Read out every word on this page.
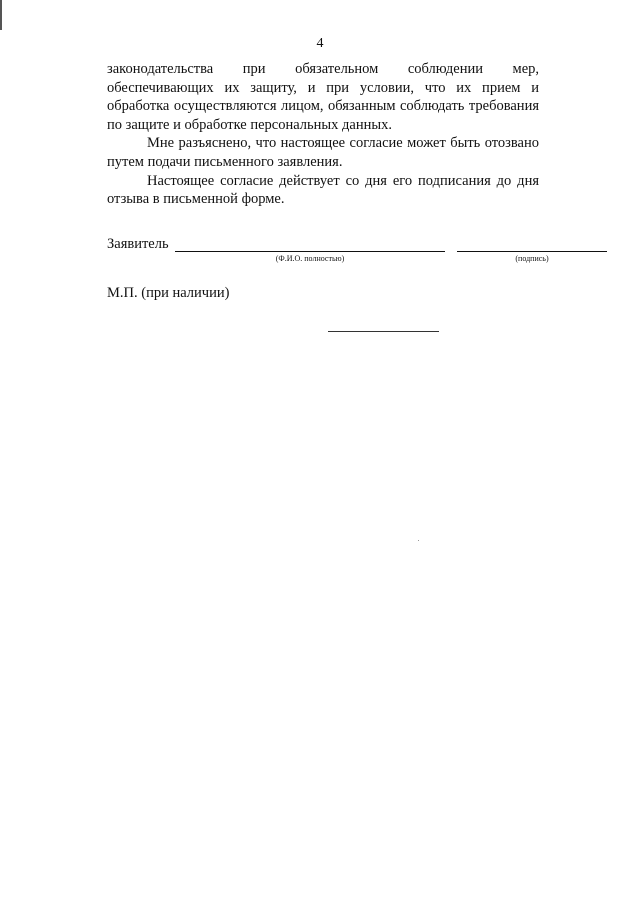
4

законодательства при обязательном соблюдении мер, обеспечивающих их защиту, и при условии, что их прием и обработка осуществляются лицом, обязанным соблюдать требования по защите и обработке персональных данных.

Мне разъяснено, что настоящее согласие может быть отозвано путем подачи письменного заявления.

Настоящее согласие действует со дня его подписания до дня отзыва в письменной форме.

Заявитель
(Ф.И.О. полностью)	(подпись)
М.П. (при наличии)
